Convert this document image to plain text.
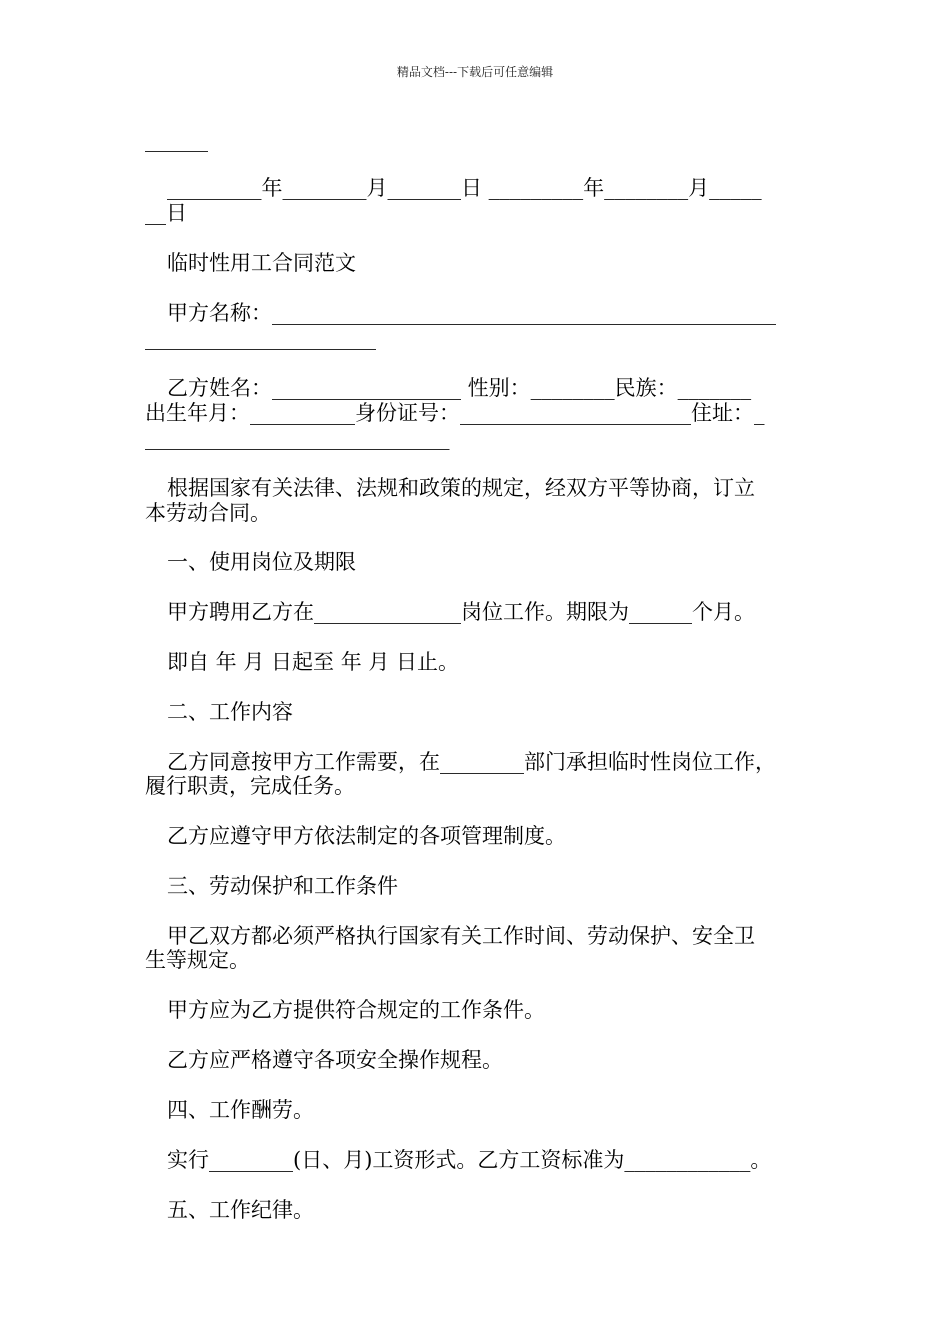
精品文档---下载后可任意编辑
______
_________年________月_______日 _________年________月_____
__日
临时性用工合同范文
甲方名称：________________________________________________
______________________
乙方姓名：__________________ 性别：________民族：_______
出生年月：__________身份证号：______________________住址：_
_____________________________
根据国家有关法律、法规和政策的规定，经双方平等协商，订立
本劳动合同。
一、使用岗位及期限
甲方聘用乙方在______________岗位工作。期限为______个月。
即自 年 月 日起至 年 月 日止。
二、工作内容
乙方同意按甲方工作需要，在________部门承担临时性岗位工作，
履行职责，完成任务。
乙方应遵守甲方依法制定的各项管理制度。
三、劳动保护和工作条件
甲乙双方都必须严格执行国家有关工作时间、劳动保护、安全卫
生等规定。
甲方应为乙方提供符合规定的工作条件。
乙方应严格遵守各项安全操作规程。
四、工作酬劳。
实行________(日、月)工资形式。乙方工资标准为____________。
五、工作纪律。
